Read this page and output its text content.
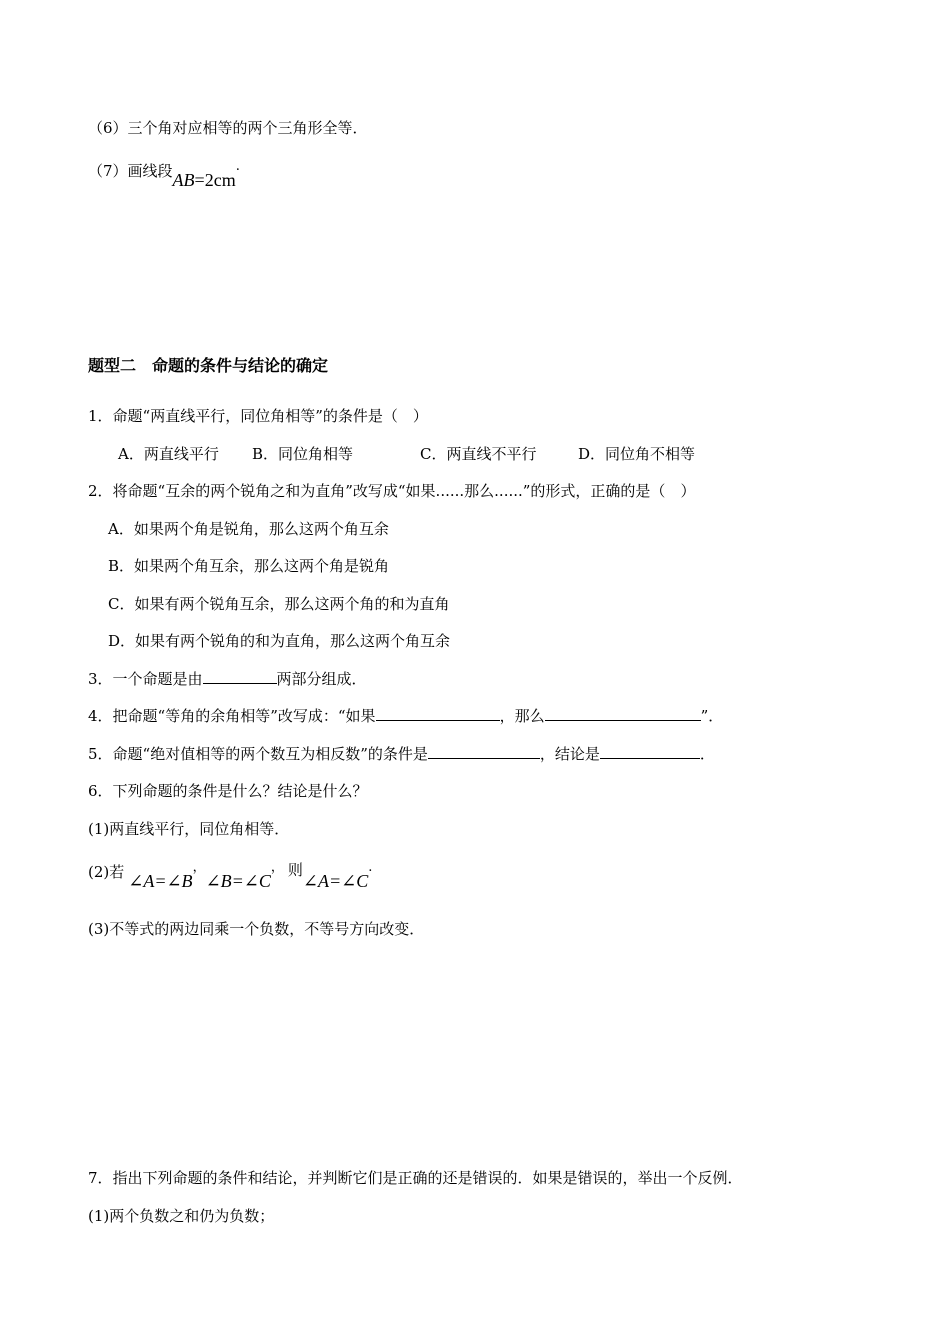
（6）三个角对应相等的两个三角形全等．
（7）画线段AB=2cm.
题型二　命题的条件与结论的确定
1．命题“两直线平行，同位角相等”的条件是（　）
A．两直线平行 B．同位角相等	C．两直线不平行	D．同位角不相等
2．将命题“互余的两个锐角之和为直角”改写成“如果......那么......”的形式，正确的是（　）
A．如果两个角是锐角，那么这两个角互余
B．如果两个角互余，那么这两个角是锐角
C．如果有两个锐角互余，那么这两个角的和为直角
D．如果有两个锐角的和为直角，那么这两个角互余
3．一个命题是由	两部分组成．
4．把命题“等角的余角相等”改写成：“如果	，那么	”．
5．命题“绝对值相等的两个数互为相反数”的条件是	，结论是	．
6．下列命题的条件是什么？结论是什么？
(1)两直线平行，同位角相等．
(2)若 ∠A=∠B，∠B=∠C， 则∠A=∠C.
(3)不等式的两边同乘一个负数，不等号方向改变．
7．指出下列命题的条件和结论，并判断它们是正确的还是错误的．如果是错误的，举出一个反例．
(1)两个负数之和仍为负数；
